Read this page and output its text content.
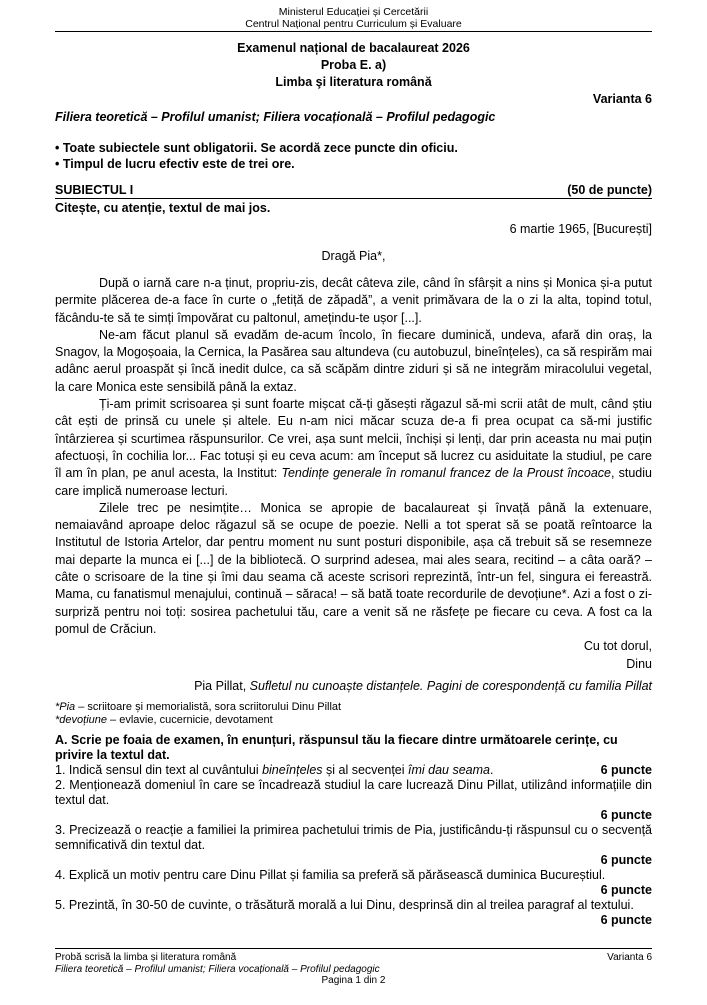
Ministerul Educației și Cercetării
Centrul Național pentru Curriculum și Evaluare
Examenul național de bacalaureat 2026
Proba E. a)
Limba şi literatura română
Varianta 6
Filiera teoretică – Profilul umanist; Filiera vocațională – Profilul pedagogic
• Toate subiectele sunt obligatorii. Se acordă zece puncte din oficiu.
• Timpul de lucru efectiv este de trei ore.
SUBIECTUL I	(50 de puncte)
Citește, cu atenție, textul de mai jos.
6 martie 1965, [București]
Dragă Pia*,

După o iarnă care n-a ținut, propriu-zis, decât câteva zile, când în sfârșit a nins și Monica și-a putut permite plăcerea de-a face în curte o „fetiță de zăpadă”, a venit primăvara de la o zi la alta, topind totul, făcându-te să te simți împovărat cu paltonul, amețindu-te ușor [...].

Ne-am făcut planul să evadăm de-acum încolo, în fiecare duminică, undeva, afară din oraș, la Snagov, la Mogoșoaia, la Cernica, la Pasărea sau altundeva (cu autobuzul, bineînțeles), ca să respirăm mai adânc aerul proaspăt și încă inedit dulce, ca să scăpăm dintre ziduri și să ne integrăm miracolului vegetal, la care Monica este sensibilă până la extaz.

Ți-am primit scrisoarea și sunt foarte mișcat că-ți găsești răgazul să-mi scrii atât de mult, când știu cât ești de prinsă cu unele și altele. Eu n-am nici măcar scuza de-a fi prea ocupat ca să-mi justific întârzierea și scurtimea răspunsurilor. Ce vrei, așa sunt melcii, închiși și lenți, dar prin aceasta nu mai puțin afectuoși, în cochilia lor... Fac totuși și eu ceva acum: am început să lucrez cu asiduitate la studiul, pe care îl am în plan, pe anul acesta, la Institut: Tendințe generale în romanul francez de la Proust încoace, studiu care implică numeroase lecturi.

Zilele trec pe nesimțite… Monica se apropie de bacalaureat și învață până la extenuare, nemaiavând aproape deloc răgazul să se ocupe de poezie. Nelli a tot sperat să se poată reîntoarce la Institutul de Istoria Artelor, dar pentru moment nu sunt posturi disponibile, așa că trebuit să se resemneze mai departe la munca ei [...] de la bibliotecă. O surprind adesea, mai ales seara, recitind – a câta oară? – câte o scrisoare de la tine și îmi dau seama că aceste scrisori reprezintă, într-un fel, singura ei fereastră. Mama, cu fanatismul menajului, continuă – săraca! – să bată toate recordurile de devoțiune*. Azi a fost o zi-surpriză pentru noi toți: sosirea pachetului tău, care a venit să ne răsfețe pe fiecare cu ceva. A fost ca la pomul de Crăciun.

Cu tot dorul,
Dinu
Pia Pillat, Sufletul nu cunoaște distanțele. Pagini de corespondență cu familia Pillat
*Pia – scriitoare și memorialistă, sora scriitorului Dinu Pillat
*devoțiune – evlavie, cucernicie, devotament
A. Scrie pe foaia de examen, în enunțuri, răspunsul tău la fiecare dintre următoarele cerințe, cu privire la textul dat.

6 puncte
1. Indică sensul din text al cuvântului bineînțeles și al secvenței îmi dau seama.

2. Menționează domeniul în care se încadrează studiul la care lucrează Dinu Pillat, utilizând informațiile din textul dat.

6 puncte

3. Precizează o reacție a familiei la primirea pachetului trimis de Pia, justificându-ți răspunsul cu o secvență semnificativă din textul dat.

6 puncte

4. Explică un motiv pentru care Dinu Pillat și familia sa preferă să părăsească duminica Bucureștiul.

6 puncte

5. Prezintă, în 30-50 de cuvinte, o trăsătură morală a lui Dinu, desprinsă din al treilea paragraf al textului.

6 puncte
Probă scrisă la limba și literatura română	Varianta 6
Filiera teoretică – Profilul umanist; Filiera vocațională – Profilul pedagogic
Pagina 1 din 2
